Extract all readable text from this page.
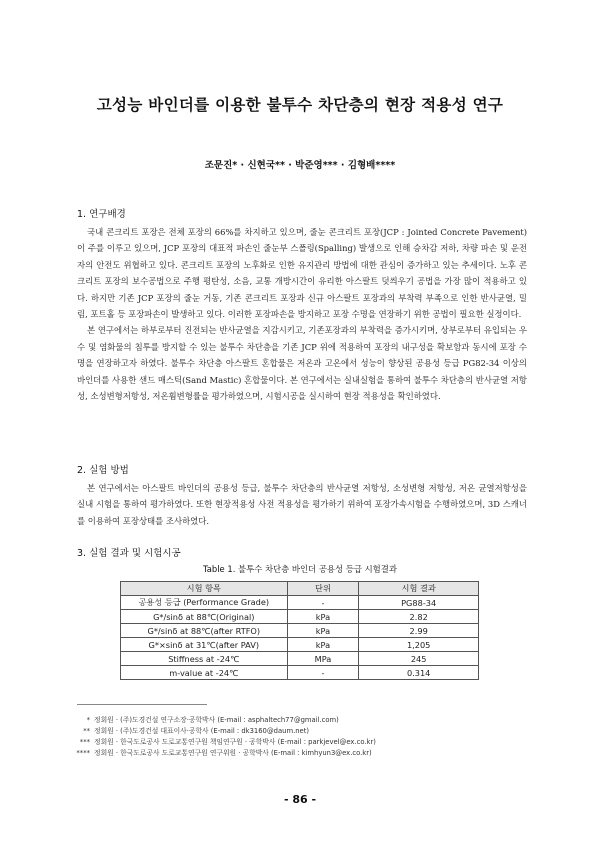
고성능 바인더를 이용한 불투수 차단층의 현장 적용성 연구
조문진* · 신현국** · 박준영*** · 김형배****
1. 연구배경

국내 콘크리트 포장은 전체 포장의 66%를 차지하고 있으며, 줄눈 콘크리트 포장(JCP : Jointed Concrete Pavement)이 주를 이루고 있으며, JCP 포장의 대표적 파손인 줄눈부 스폴링(Spalling) 발생으로 인해 승차감 저하, 차량 파손 및 운전자의 안전도 위협하고 있다. 콘크리트 포장의 노후화로 인한 유지관리 방법에 대한 관심이 증가하고 있는 추세이다. 노후 콘크리트 포장의 보수공법으로 주행 평탄성, 소음, 교통 개방시간이 유리한 아스팔트 덧씌우기 공법을 가장 많이 적용하고 있다. 하지만 기존 JCP 포장의 줄눈 거동, 기존 콘크리트 포장과 신규 아스팔트 포장과의 부착력 부족으로 인한 반사균열, 밀림, 포트홀 등 포장파손이 발생하고 있다. 이러한 포장파손을 방지하고 포장 수명을 연장하기 위한 공법이 필요한 실정이다.

본 연구에서는 하부로부터 진전되는 반사균열을 지감시키고, 기존포장과의 부착력을 증가시키며, 상부로부터 유입되는 우수 및 염화물의 침투를 방지할 수 있는 불투수 차단층을 기존 JCP 위에 적용하여 포장의 내구성을 확보함과 동시에 포장 수명을 연장하고자 하였다. 불투수 차단층 아스팔트 혼합물은 저온과 고온에서 성능이 향상된 공용성 등급 PG82-34 이상의 바인더를 사용한 샌드 매스틱(Sand Mastic) 혼합물이다. 본 연구에서는 실내실험을 통하여 불투수 차단층의 반사균열 저항성, 소성변형저항성, 저온휨변형률을 평가하였으며, 시험시공을 실시하여 현장 적용성을 확인하였다.

2. 실험 방법

본 연구에서는 아스팔트 바인더의 공용성 등급, 불투수 차단층의 반사균열 저항성, 소성변형 저항성, 저온 균열저항성을 실내 시험을 통하여 평가하였다. 또한 현장적용성 사전 적용성을 평가하기 위하여 포장가속시험을 수행하였으며, 3D 스캐너를 이용하여 포장상태를 조사하였다.

3. 실험 결과 및 시험시공
Table 1. 불투수 차단층 바인더 공용성 등급 시험결과
시험 항목	단위	시험 결과
공용성 등급 (Performance Grade)	-	PG88-34
G*/sinδ at 88℃(Original)	kPa	2.82
G*/sinδ at 88℃(after RTFO)	kPa	2.99
G*×sinδ at 31℃(after PAV)	kPa	1,205
Stiffness at -24℃	MPa	245
m-value at -24℃	-	0.314
* 정회원 · (주)도경건설 연구소장·공학박사 (E-mail : asphaltech77@gmail.com)
** 정회원 · (주)도경건설 대표이사·공학사 (E-mail : dk3160@daum.net)
*** 정회원 · 한국도로공사 도로교통연구원 책임연구원 · 공학박사 (E-mail : parkjevel@ex.co.kr)
**** 정회원 · 한국도로공사 도로교통연구원 연구위원 · 공학박사 (E-mail : kimhyun3@ex.co.kr)
- 86 -
